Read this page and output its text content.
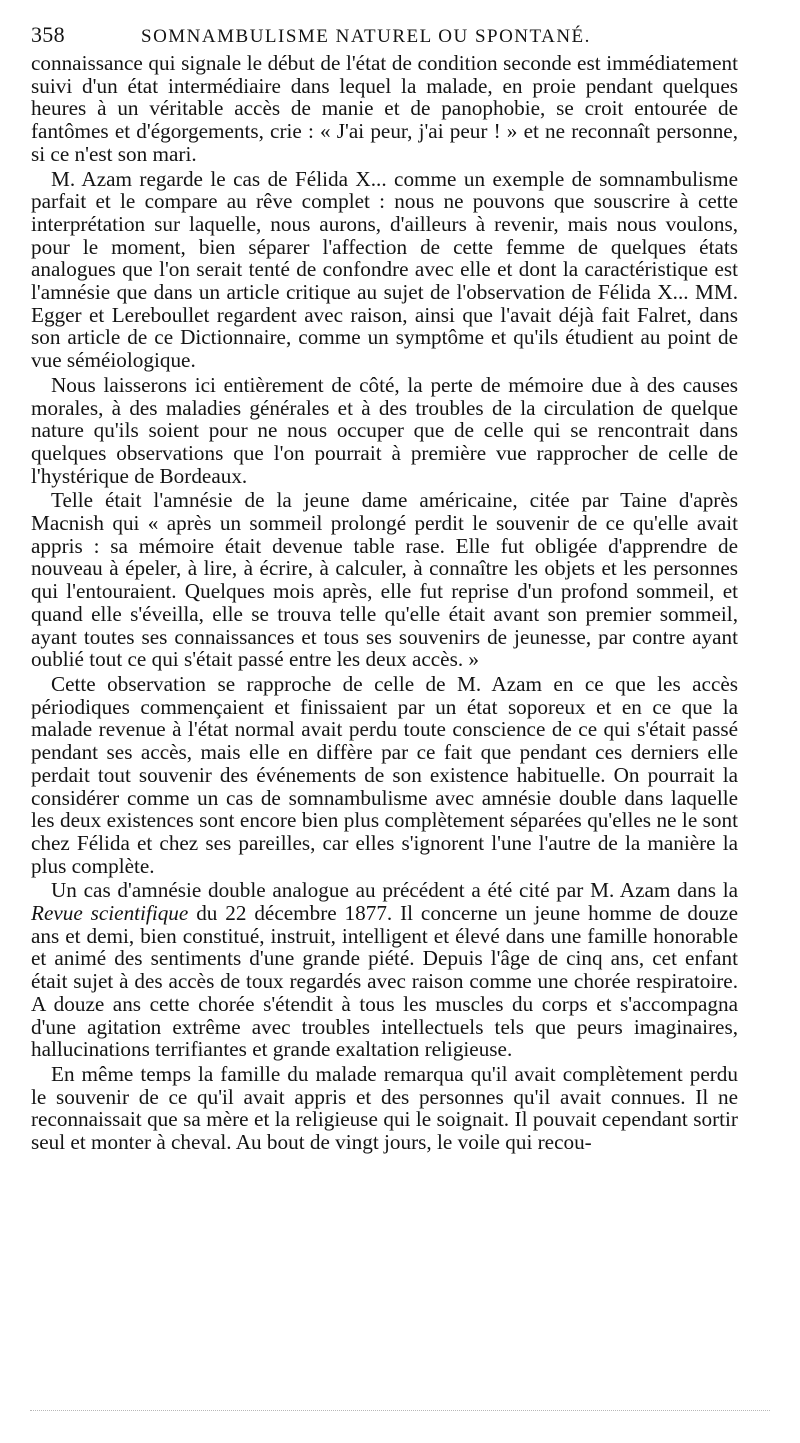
358	SOMNAMBULISME NATUREL OU SPONTANÉ.

connaissance qui signale le début de l'état de condition seconde est immédiatement suivi d'un état intermédiaire dans lequel la malade, en proie pendant quelques heures à un véritable accès de manie et de panophobie, se croit entourée de fantômes et d'égorgements, crie : « J'ai peur, j'ai peur ! » et ne reconnaît personne, si ce n'est son mari.

M. Azam regarde le cas de Félida X... comme un exemple de somnambulisme parfait et le compare au rêve complet : nous ne pouvons que souscrire à cette interprétation sur laquelle, nous aurons, d'ailleurs à revenir, mais nous voulons, pour le moment, bien séparer l'affection de cette femme de quelques états analogues que l'on serait tenté de confondre avec elle et dont la caractéristique est l'amnésie que dans un article critique au sujet de l'observation de Félida X... MM. Egger et Lereboullet regardent avec raison, ainsi que l'avait déjà fait Falret, dans son article de ce Dictionnaire, comme un symptôme et qu'ils étudient au point de vue séméiologique.

Nous laisserons ici entièrement de côté, la perte de mémoire due à des causes morales, à des maladies générales et à des troubles de la circulation de quelque nature qu'ils soient pour ne nous occuper que de celle qui se rencontrait dans quelques observations que l'on pourrait à première vue rapprocher de celle de l'hystérique de Bordeaux.

Telle était l'amnésie de la jeune dame américaine, citée par Taine d'après Macnish qui « après un sommeil prolongé perdit le souvenir de ce qu'elle avait appris : sa mémoire était devenue table rase. Elle fut obligée d'apprendre de nouveau à épeler, à lire, à écrire, à calculer, à connaître les objets et les personnes qui l'entouraient. Quelques mois après, elle fut reprise d'un profond sommeil, et quand elle s'éveilla, elle se trouva telle qu'elle était avant son premier sommeil, ayant toutes ses connaissances et tous ses souvenirs de jeunesse, par contre ayant oublié tout ce qui s'était passé entre les deux accès. »

Cette observation se rapproche de celle de M. Azam en ce que les accès périodiques commençaient et finissaient par un état soporeux et en ce que la malade revenue à l'état normal avait perdu toute conscience de ce qui s'était passé pendant ses accès, mais elle en diffère par ce fait que pendant ces derniers elle perdait tout souvenir des événements de son existence habituelle. On pourrait la considérer comme un cas de somnambulisme avec amnésie double dans laquelle les deux existences sont encore bien plus complètement séparées qu'elles ne le sont chez Félida et chez ses pareilles, car elles s'ignorent l'une l'autre de la manière la plus complète.

Un cas d'amnésie double analogue au précédent a été cité par M. Azam dans la Revue scientifique du 22 décembre 1877. Il concerne un jeune homme de douze ans et demi, bien constitué, instruit, intelligent et élevé dans une famille honorable et animé des sentiments d'une grande piété. Depuis l'âge de cinq ans, cet enfant était sujet à des accès de toux regardés avec raison comme une chorée respiratoire. A douze ans cette chorée s'étendit à tous les muscles du corps et s'accompagna d'une agitation extrême avec troubles intellectuels tels que peurs imaginaires, hallucinations terrifiantes et grande exaltation religieuse.

En même temps la famille du malade remarqua qu'il avait complètement perdu le souvenir de ce qu'il avait appris et des personnes qu'il avait connues. Il ne reconnaissait que sa mère et la religieuse qui le soignait. Il pouvait cependant sortir seul et monter à cheval. Au bout de vingt jours, le voile qui recou-
